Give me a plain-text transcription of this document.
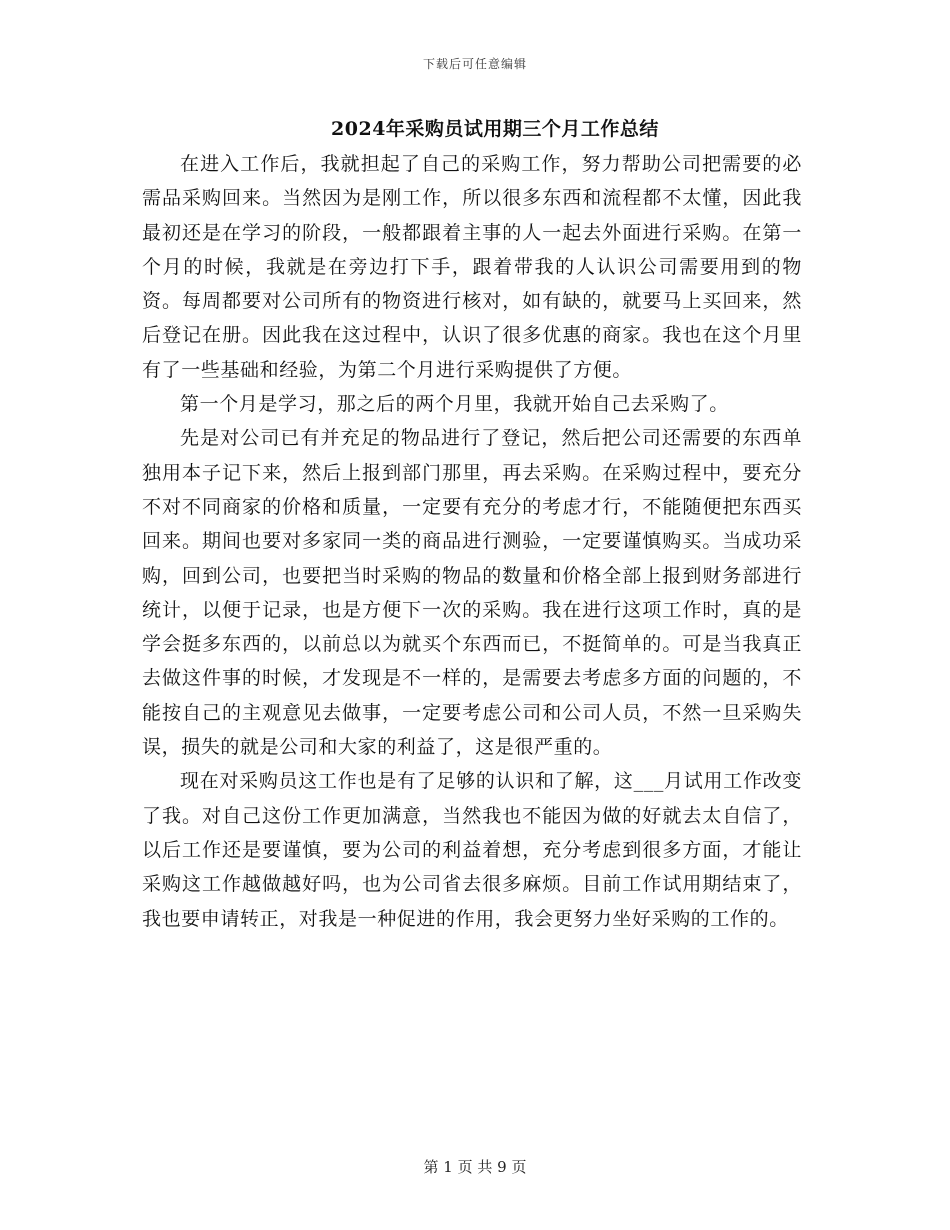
下载后可任意编辑
2024年采购员试用期三个月工作总结

在进入工作后，我就担起了自己的采购工作，努力帮助公司把需要的必需品采购回来。当然因为是刚工作，所以很多东西和流程都不太懂，因此我最初还是在学习的阶段，一般都跟着主事的人一起去外面进行采购。在第一个月的时候，我就是在旁边打下手，跟着带我的人认识公司需要用到的物资。每周都要对公司所有的物资进行核对，如有缺的，就要马上买回来，然后登记在册。因此我在这过程中，认识了很多优惠的商家。我也在这个月里有了一些基础和经验，为第二个月进行采购提供了方便。

第一个月是学习，那之后的两个月里，我就开始自己去采购了。

先是对公司已有并充足的物品进行了登记，然后把公司还需要的东西单独用本子记下来，然后上报到部门那里，再去采购。在采购过程中，要充分不对不同商家的价格和质量，一定要有充分的考虑才行，不能随便把东西买回来。期间也要对多家同一类的商品进行测验，一定要谨慎购买。当成功采购，回到公司，也要把当时采购的物品的数量和价格全部上报到财务部进行统计，以便于记录，也是方便下一次的采购。我在进行这项工作时，真的是学会挺多东西的，以前总以为就买个东西而已，不挺简单的。可是当我真正去做这件事的时候，才发现是不一样的，是需要去考虑多方面的问题的，不能按自己的主观意见去做事，一定要考虑公司和公司人员，不然一旦采购失误，损失的就是公司和大家的利益了，这是很严重的。

现在对采购员这工作也是有了足够的认识和了解，这___月试用工作改变了我。对自己这份工作更加满意，当然我也不能因为做的好就去太自信了，以后工作还是要谨慎，要为公司的利益着想，充分考虑到很多方面，才能让采购这工作越做越好吗，也为公司省去很多麻烦。目前工作试用期结束了，我也要申请转正，对我是一种促进的作用，我会更努力坐好采购的工作的。

第 1 页 共 9 页
